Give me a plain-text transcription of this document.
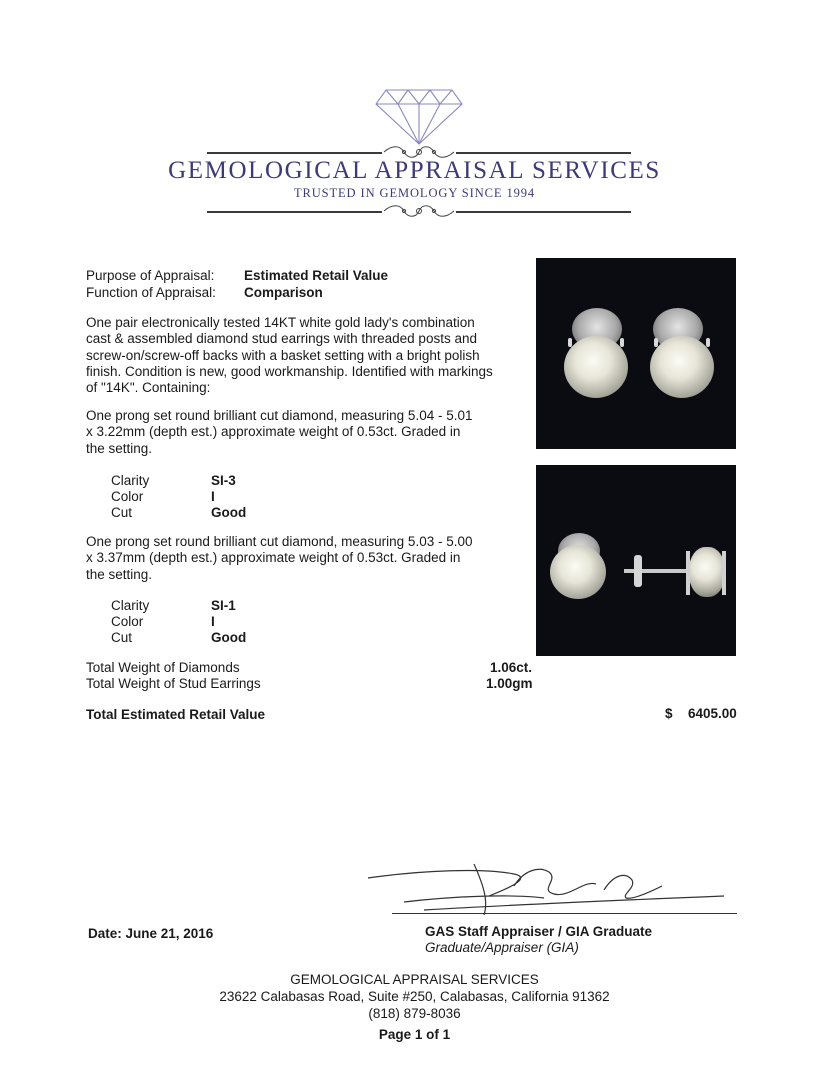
GEMOLOGICAL APPRAISAL SERVICES
TRUSTED IN GEMOLOGY SINCE 1994
Purpose of Appraisal: Estimated Retail Value
Function of Appraisal: Comparison
One pair electronically tested 14KT white gold lady's combination
cast & assembled diamond stud earrings with threaded posts and
screw-on/screw-off backs with a basket setting with a bright polish
finish. Condition is new, good workmanship. Identified with markings
of "14K". Containing:
One prong set round brilliant cut diamond, measuring 5.04 - 5.01
x 3.22mm (depth est.) approximate weight of 0.53ct. Graded in
the setting.
Clarity	SI-3
Color	I
Cut	Good
One prong set round brilliant cut diamond, measuring 5.03 - 5.00
x 3.37mm (depth est.) approximate weight of 0.53ct. Graded in
the setting.
Clarity	SI-1
Color	I
Cut	Good
Total Weight of Diamonds	1.06ct.
Total Weight of Stud Earrings	1.00gm
Total Estimated Retail Value	$ 6405.00
Date: June 21, 2016	GAS Staff Appraiser / GIA Graduate
Graduate/Appraiser (GIA)
GEMOLOGICAL APPRAISAL SERVICES
23622 Calabasas Road, Suite #250, Calabasas, California 91362
(818) 879-8036
Page 1 of 1
